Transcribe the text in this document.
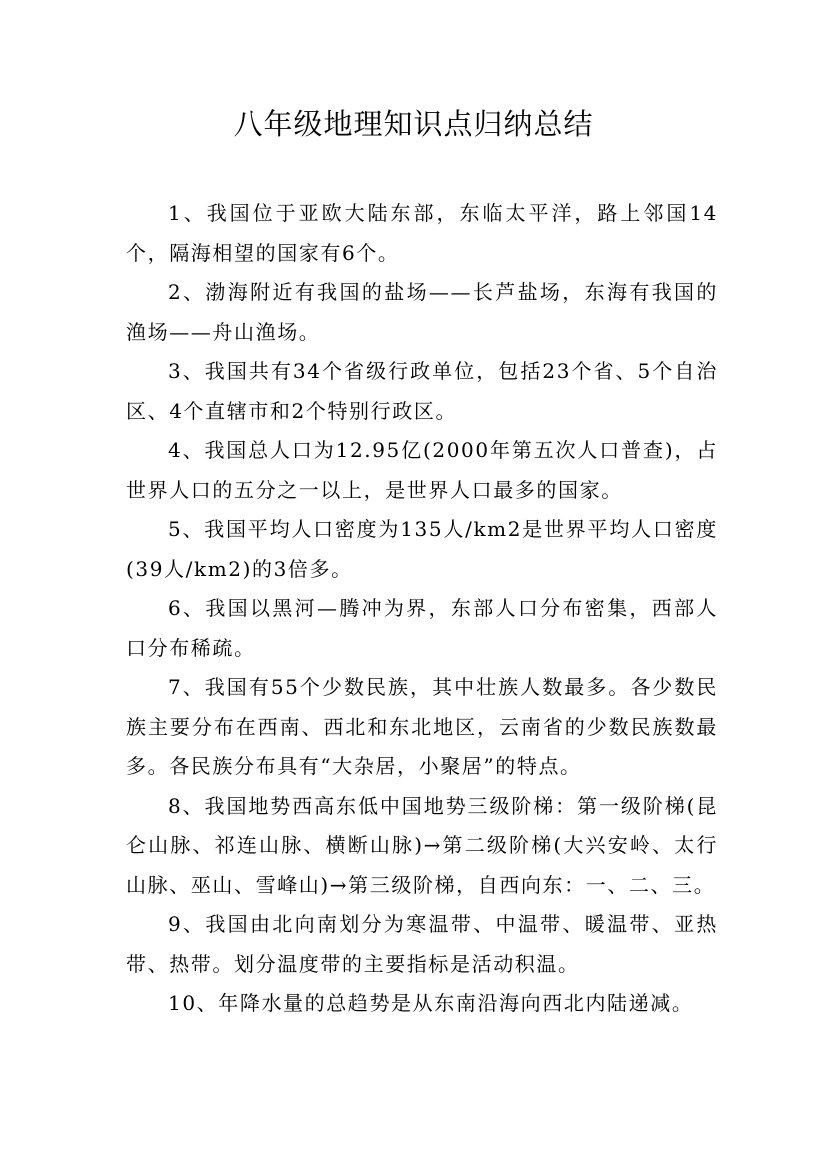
八年级地理知识点归纳总结

1、我国位于亚欧大陆东部，东临太平洋，路上邻国14个，隔海相望的国家有6个。

2、渤海附近有我国的盐场——长芦盐场，东海有我国的渔场——舟山渔场。

3、我国共有34个省级行政单位，包括23个省、5个自治区、4个直辖市和2个特别行政区。

4、我国总人口为12.95亿(2000年第五次人口普查)，占世界人口的五分之一以上，是世界人口最多的国家。

5、我国平均人口密度为135人/km2是世界平均人口密度(39人/km2)的3倍多。

6、我国以黑河—腾冲为界，东部人口分布密集，西部人口分布稀疏。

7、我国有55个少数民族，其中壮族人数最多。各少数民族主要分布在西南、西北和东北地区，云南省的少数民族数最多。各民族分布具有“大杂居，小聚居”的特点。

8、我国地势西高东低中国地势三级阶梯：第一级阶梯(昆仑山脉、祁连山脉、横断山脉)→第二级阶梯(大兴安岭、太行山脉、巫山、雪峰山)→第三级阶梯，自西向东：一、二、三。

9、我国由北向南划分为寒温带、中温带、暖温带、亚热带、热带。划分温度带的主要指标是活动积温。

10、年降水量的总趋势是从东南沿海向西北内陆递减。
